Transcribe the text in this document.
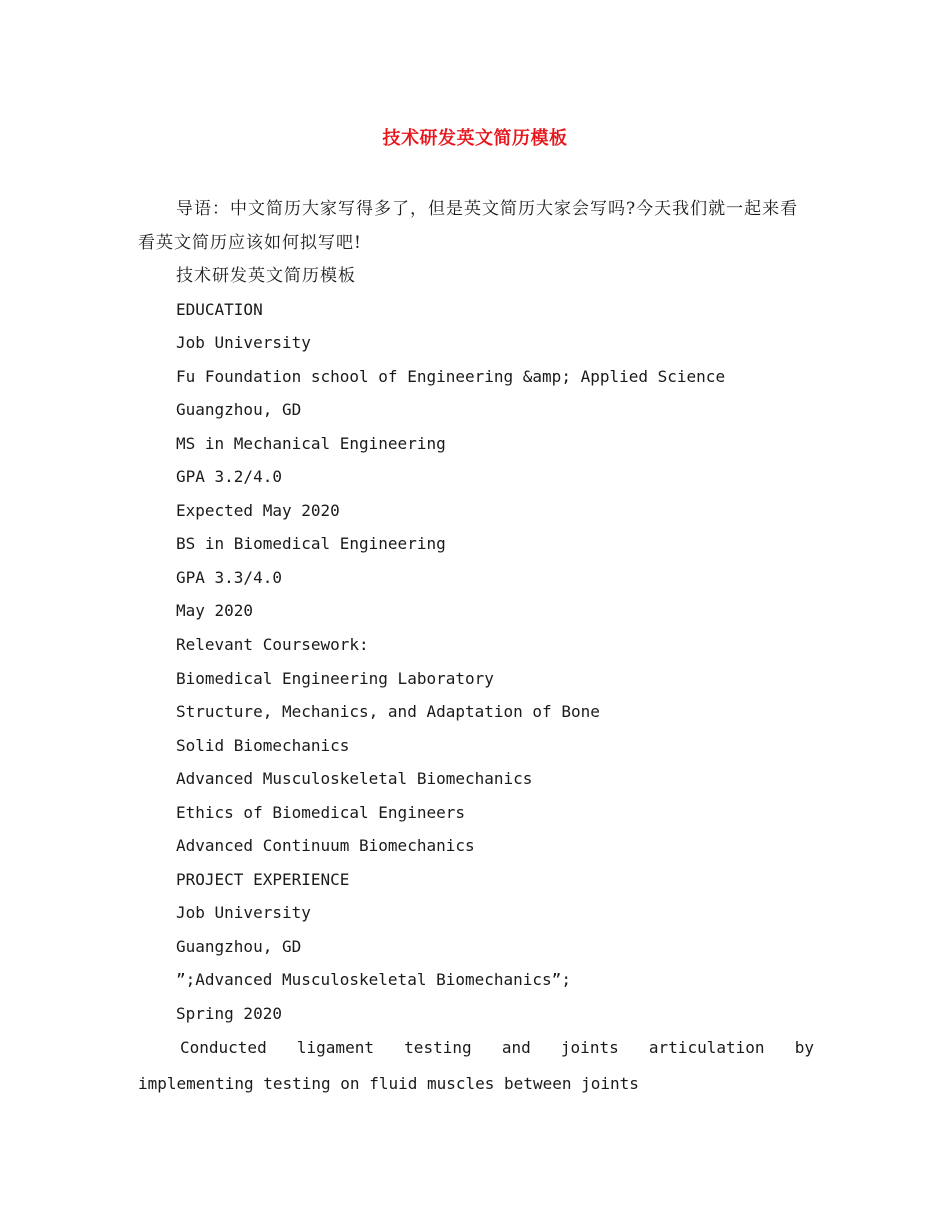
技术研发英文简历模板
导语：中文简历大家写得多了，但是英文简历大家会写吗?今天我们就一起来看看英文简历应该如何拟写吧!
技术研发英文简历模板
EDUCATION
Job University
Fu Foundation school of Engineering &amp; Applied Science
Guangzhou, GD
MS in Mechanical Engineering
GPA 3.2/4.0
Expected May 2020
BS in Biomedical Engineering
GPA 3.3/4.0
May 2020
Relevant Coursework:
Biomedical Engineering Laboratory
Structure, Mechanics, and Adaptation of Bone
Solid Biomechanics
Advanced Musculoskeletal Biomechanics
Ethics of Biomedical Engineers
Advanced Continuum Biomechanics
PROJECT EXPERIENCE
Job University
Guangzhou, GD
”;Advanced Musculoskeletal Biomechanics”;
Spring 2020
Conducted ligament testing and joints articulation by implementing testing on fluid muscles between joints
